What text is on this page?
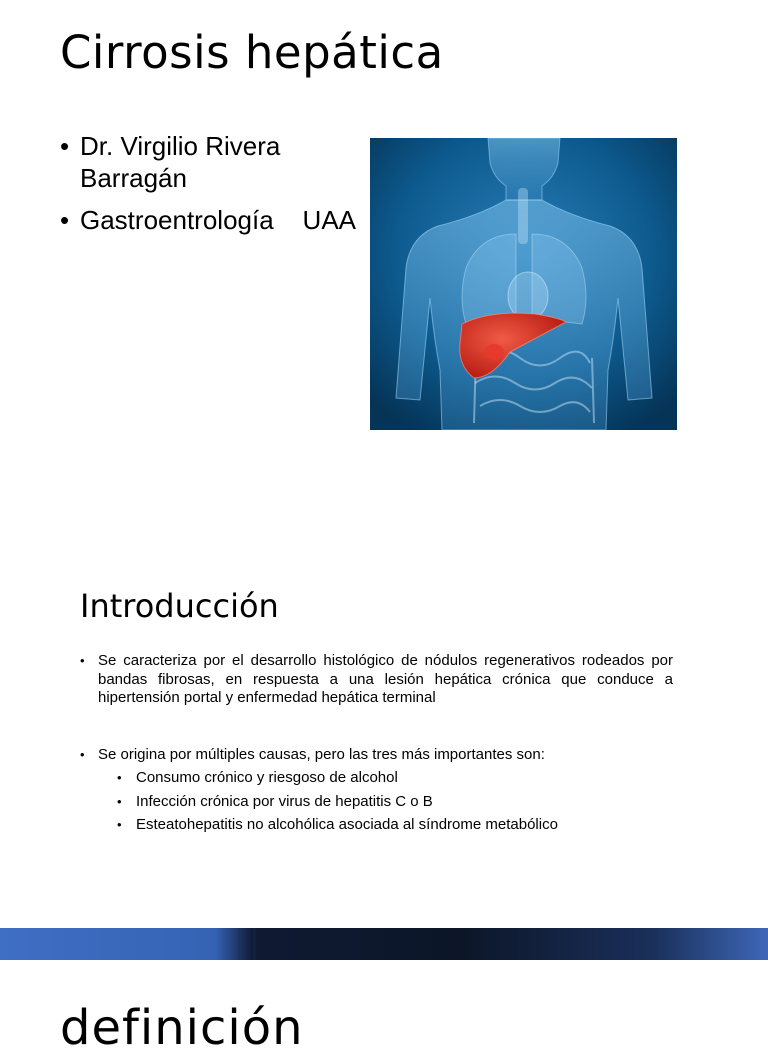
Cirrosis hepática
• Dr. Virgilio Rivera Barragán
• Gastroentrología    UAA
Introducción
• Se caracteriza por el desarrollo histológico de nódulos regenerativos rodeados por bandas fibrosas, en respuesta a una lesión hepática crónica que conduce a hipertensión portal y enfermedad hepática terminal
• Se origina por múltiples causas, pero las tres más importantes son:
• Consumo crónico y riesgoso de alcohol
• Infección crónica por virus de hepatitis C o B
• Esteatohepatitis no alcohólica asociada al síndrome metabólico
definición
